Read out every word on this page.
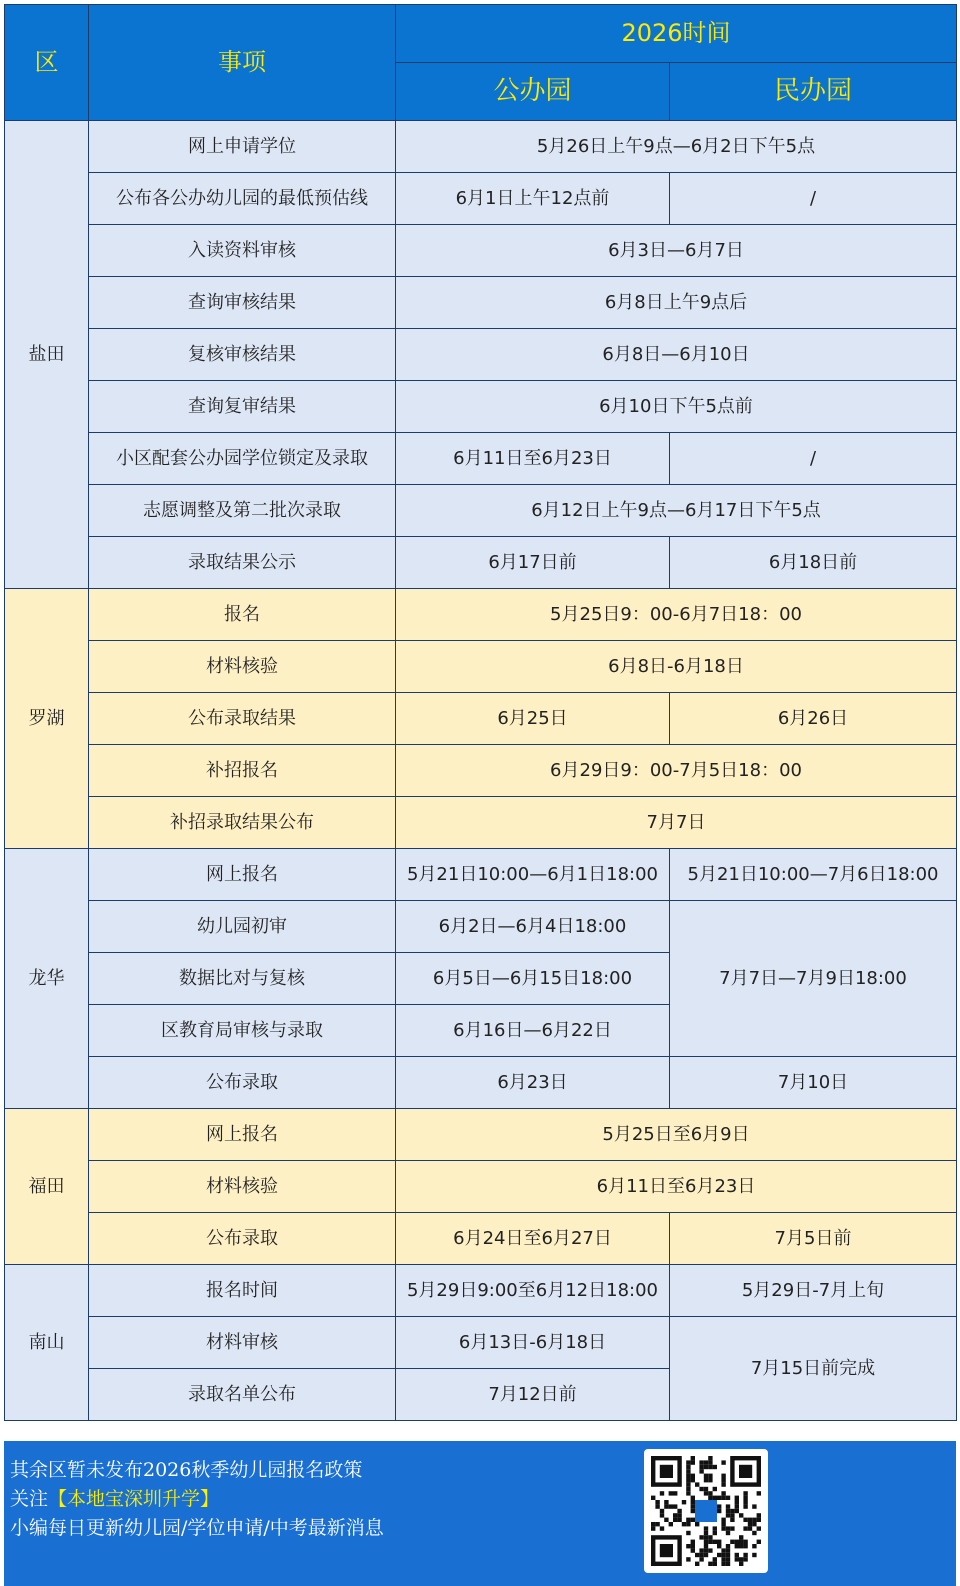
区	事项	2026时间	
		公办园	民办园
盐田	网上申请学位	5月26日上午9点—6月2日下午5点	
	公布各公办幼儿园的最低预估线	6月1日上午12点前	/
	入读资料审核	6月3日—6月7日	
	查询审核结果	6月8日上午9点后	
	复核审核结果	6月8日—6月10日	
	查询复审结果	6月10日下午5点前	
	小区配套公办园学位锁定及录取	6月11日至6月23日	/
	志愿调整及第二批次录取	6月12日上午9点—6月17日下午5点	
	录取结果公示	6月17日前	6月18日前
罗湖	报名	5月25日9：00-6月7日18：00	
	材料核验	6月8日-6月18日	
	公布录取结果	6月25日	6月26日
	补招报名	6月29日9：00-7月5日18：00	
	补招录取结果公布	7月7日	
龙华	网上报名	5月21日10:00—6月1日18:00	5月21日10:00—7月6日18:00
	幼儿园初审	6月2日—6月4日18:00	7月7日—7月9日18:00
	数据比对与复核	6月5日—6月15日18:00	
	区教育局审核与录取	6月16日—6月22日	
	公布录取	6月23日	7月10日
福田	网上报名	5月25日至6月9日	
	材料核验	6月11日至6月23日	
	公布录取	6月24日至6月27日	7月5日前
南山	报名时间	5月29日9:00至6月12日18:00	5月29日-7月上旬
	材料审核	6月13日-6月18日	7月15日前完成
	录取名单公布	7月12日前	
其余区暂未发布2026秋季幼儿园报名政策
关注【本地宝深圳升学】
小编每日更新幼儿园/学位申请/中考最新消息
